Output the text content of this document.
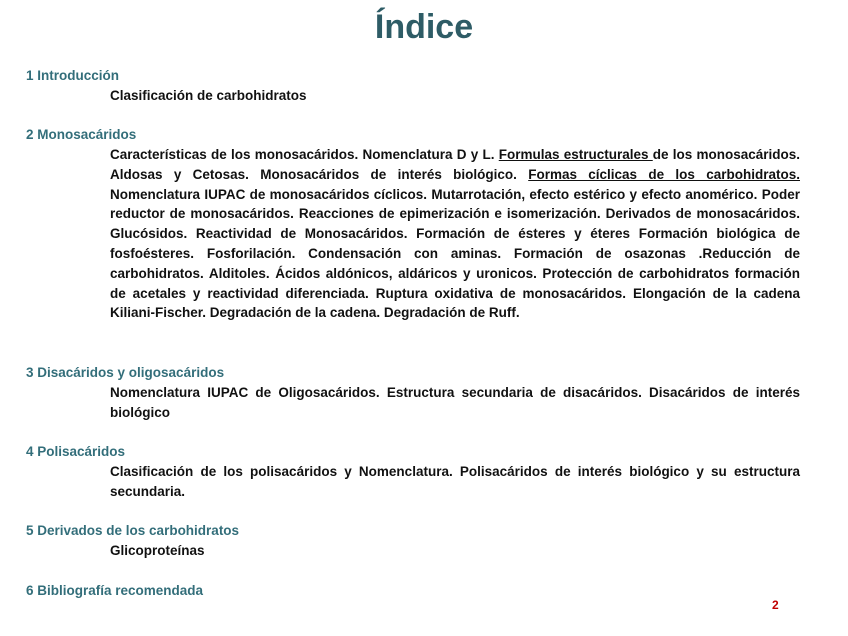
Índice

1 Introducción

Clasificación de carbohidratos

2 Monosacáridos

Características de los monosacáridos. Nomenclatura D y L. Formulas estructurales de los monosacáridos. Aldosas y Cetosas. Monosacáridos de interés biológico. Formas cíclicas de los carbohidratos. Nomenclatura IUPAC de monosacáridos cíclicos. Mutarrotación, efecto estérico y efecto anomérico. Poder reductor de monosacáridos. Reacciones de epimerización e isomerización. Derivados de monosacáridos. Glucósidos. Reactividad de Monosacáridos. Formación de ésteres y éteres Formación biológica de fosfoésteres. Fosforilación. Condensación con aminas. Formación de osazonas .Reducción de carbohidratos. Alditoles. Ácidos aldónicos, aldáricos y uronicos. Protección de carbohidratos formación de acetales y reactividad diferenciada. Ruptura oxidativa de monosacáridos. Elongación de la cadena Kiliani-Fischer. Degradación de la cadena. Degradación de Ruff.

3 Disacáridos y oligosacáridos

Nomenclatura IUPAC de Oligosacáridos. Estructura secundaria de disacáridos. Disacáridos de interés biológico

4 Polisacáridos

Clasificación de los polisacáridos y Nomenclatura. Polisacáridos de interés biológico y su estructura secundaria.

5 Derivados de los carbohidratos

Glicoproteínas

6 Bibliografía recomendada

2
